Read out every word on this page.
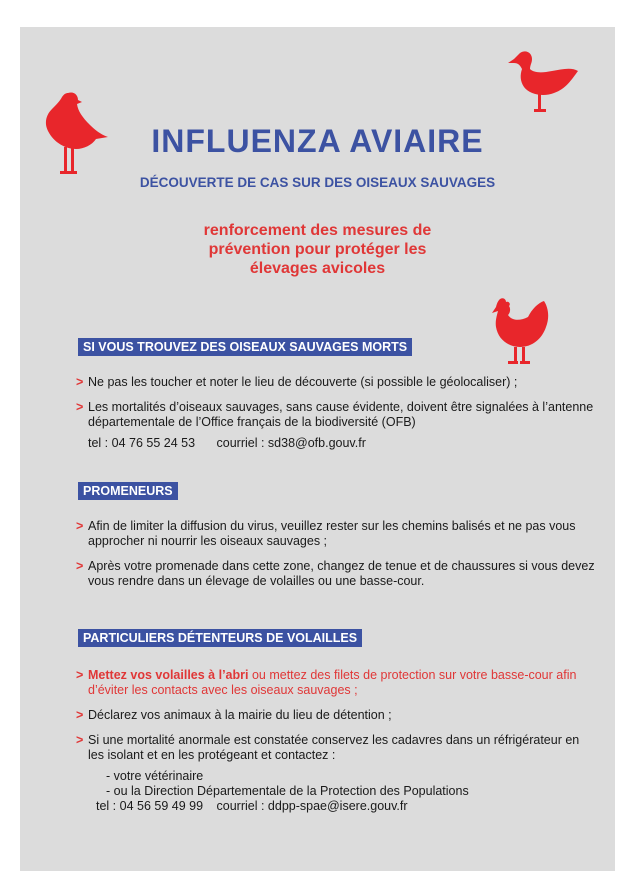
INFLUENZA AVIAIRE

DÉCOUVERTE DE CAS SUR DES OISEAUX SAUVAGES

renforcement des mesures de
prévention pour protéger les
élevages avicoles

SI VOUS TROUVEZ DES OISEAUX SAUVAGES MORTS
> Ne pas les toucher et noter le lieu de découverte (si possible le géolocaliser) ;
> Les mortalités d’oiseaux sauvages, sans cause évidente, doivent être signalées à l’antenne départementale de l’Office français de la biodiversité (OFB)
tel : 04 76 55 24 53 courriel : sd38@ofb.gouv.fr
PROMENEURS
> Afin de limiter la diffusion du virus, veuillez rester sur les chemins balisés et ne pas vous approcher ni nourrir les oiseaux sauvages ;
> Après votre promenade dans cette zone, changez de tenue et de chaussures si vous devez vous rendre dans un élevage de volailles ou une basse-cour.
PARTICULIERS DÉTENTEURS DE VOLAILLES
> Mettez vos volailles à l’abri ou mettez des filets de protection sur votre basse-cour afin d’éviter les contacts avec les oiseaux sauvages ;
> Déclarez vos animaux à la mairie du lieu de détention ;
> Si une mortalité anormale est constatée conservez les cadavres dans un réfrigérateur en les isolant et en les protégeant et contactez :
- votre vétérinaire
- ou la Direction Départementale de la Protection des Populations
tel : 04 56 59 49 99 courriel : ddpp-spae@isere.gouv.fr
